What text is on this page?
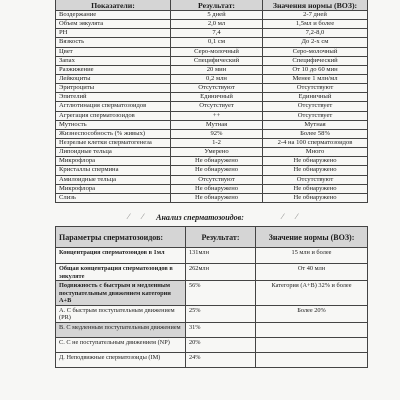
Показатели:	Результат:	Значения нормы (ВОЗ):
Воздержание	5 дней	2-7 дней
Объем эякулята	2,0 мл	1,5мл и более
PH	7,4	7,2-8,0
Вязкость	0,1 см	До 2-х см
Цвет	Серо-молочный	Серо-молочный
Запах	Специфический	Специфический
Разжижение	20 мин	От 10 до 60 мин
Лейкоциты	0,2 млн	Менее 1 млн/мл
Эритроциты	Отсутствуют	Отсутствуют
Эпителий	Единичный	Единичный
Агглютинация сперматозоидов	Отсутствует	Отсутствует
Агрегация сперматозоидов	++	Отсутствует
Мутность	Мутная	Мутная
Жизнеспособность (% живых)	92%	Более 58%
Незрелые клетки сперматогенеза	1-2	2-4 на 100 сперматозоидов
Липоидные тельца	Умерено	Много
Микрофлора	Не обнаружено	Не обнаружено
Кристаллы спермина	Не обнаружено	Не обнаружено
Амилоидные тельца	Отсутствуют	Отсутствуют
Микрофлора	Не обнаружено	Не обнаружено
Слизь	Не обнаружено	Не обнаружено
⁄ ⁄	Анализ сперматозоидов:	⁄ ⁄
Параметры сперматозоидов:	Результат:	Значение нормы (ВОЗ):
Концентрация сперматозоидов в 1мл	131млн	15 млн и более
Общая концентрация сперматозоидов в эякуляте	262млн	От 40 млн
Подвижность с быстрым и медленным поступательным движением категории А+В	56%	Категория (А+В) 32% и более
A. С быстрым поступательным движением (PR)	25%	Более 20%
B. С медленным поступательным движением	31%	
C. С не поступательным движением (NP)	20%	
Д. Неподвижные сперматозоиды (IM)	24%	
